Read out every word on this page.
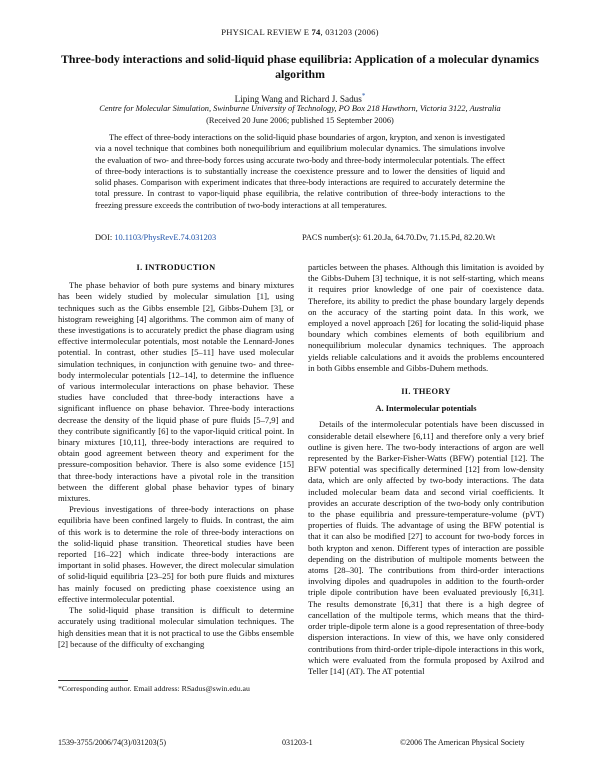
PHYSICAL REVIEW E 74, 031203 (2006)
Three-body interactions and solid-liquid phase equilibria: Application of a molecular dynamics algorithm
Liping Wang and Richard J. Sadus*
Centre for Molecular Simulation, Swinburne University of Technology, PO Box 218 Hawthorn, Victoria 3122, Australia
(Received 20 June 2006; published 15 September 2006)
The effect of three-body interactions on the solid-liquid phase boundaries of argon, krypton, and xenon is investigated via a novel technique that combines both nonequilibrium and equilibrium molecular dynamics. The simulations involve the evaluation of two- and three-body forces using accurate two-body and three-body intermolecular potentials. The effect of three-body interactions is to substantially increase the coexistence pressure and to lower the densities of liquid and solid phases. Comparison with experiment indicates that three-body interactions are required to accurately determine the total pressure. In contrast to vapor-liquid phase equilibria, the relative contribution of three-body interactions to the freezing pressure exceeds the contribution of two-body interactions at all temperatures.
DOI: 10.1103/PhysRevE.74.031203	PACS number(s): 61.20.Ja, 64.70.Dv, 71.15.Pd, 82.20.Wt
I. INTRODUCTION

The phase behavior of both pure systems and binary mixtures has been widely studied by molecular simulation [1], using techniques such as the Gibbs ensemble [2], Gibbs-Duhem [3], or histogram reweighing [4] algorithms. The common aim of many of these investigations is to accurately predict the phase diagram using effective intermolecular potentials, most notable the Lennard-Jones potential. In contrast, other studies [5–11] have used molecular simulation techniques, in conjunction with genuine two- and three-body intermolecular potentials [12–14], to determine the influence of various intermolecular interactions on phase behavior. These studies have concluded that three-body interactions have a significant influence on phase behavior. Three-body interactions decrease the density of the liquid phase of pure fluids [5–7,9] and they contribute significantly [6] to the vapor-liquid critical point. In binary mixtures [10,11], three-body interactions are required to obtain good agreement between theory and experiment for the pressure-composition behavior. There is also some evidence [15] that three-body interactions have a pivotal role in the transition between the different global phase behavior types of binary mixtures.

Previous investigations of three-body interactions on phase equilibria have been confined largely to fluids. In contrast, the aim of this work is to determine the role of three-body interactions on the solid-liquid phase transition. Theoretical studies have been reported [16–22] which indicate three-body interactions are important in solid phases. However, the direct molecular simulation of solid-liquid equilibria [23–25] for both pure fluids and mixtures has mainly focused on predicting phase coexistence using an effective intermolecular potential.

The solid-liquid phase transition is difficult to determine accurately using traditional molecular simulation techniques. The high densities mean that it is not practical to use the Gibbs ensemble [2] because of the difficulty of exchanging

particles between the phases. Although this limitation is avoided by the Gibbs-Duhem [3] technique, it is not self-starting, which means it requires prior knowledge of one pair of coexistence data. Therefore, its ability to predict the phase boundary largely depends on the accuracy of the starting point data. In this work, we employed a novel approach [26] for locating the solid-liquid phase boundary which combines elements of both equilibrium and nonequilibrium molecular dynamics techniques. The approach yields reliable calculations and it avoids the problems encountered in both Gibbs ensemble and Gibbs-Duhem methods.

II. THEORY
A. Intermolecular potentials

Details of the intermolecular potentials have been discussed in considerable detail elsewhere [6,11] and therefore only a very brief outline is given here. The two-body interactions of argon are well represented by the Barker-Fisher-Watts (BFW) potential [12]. The BFW potential was specifically determined [12] from low-density data, which are only affected by two-body interactions. The data included molecular beam data and second virial coefficients. It provides an accurate description of the two-body only contribution to the phase equilibria and pressure-temperature-volume (pVT) properties of fluids. The advantage of using the BFW potential is that it can also be modified [27] to account for two-body forces in both krypton and xenon. Different types of interaction are possible depending on the distribution of multipole moments between the atoms [28–30]. The contributions from third-order interactions involving dipoles and quadrupoles in addition to the fourth-order triple dipole contribution have been evaluated previously [6,31]. The results demonstrate [6,31] that there is a high degree of cancellation of the multipole terms, which means that the third-order triple-dipole term alone is a good representation of three-body dispersion interactions. In view of this, we have only considered contributions from third-order triple-dipole interactions in this work, which were evaluated from the formula proposed by Axilrod and Teller [14] (AT). The AT potential

*Corresponding author. Email address: RSadus@swin.edu.au
1539-3755/2006/74(3)/031203(5)	031203-1	©2006 The American Physical Society
